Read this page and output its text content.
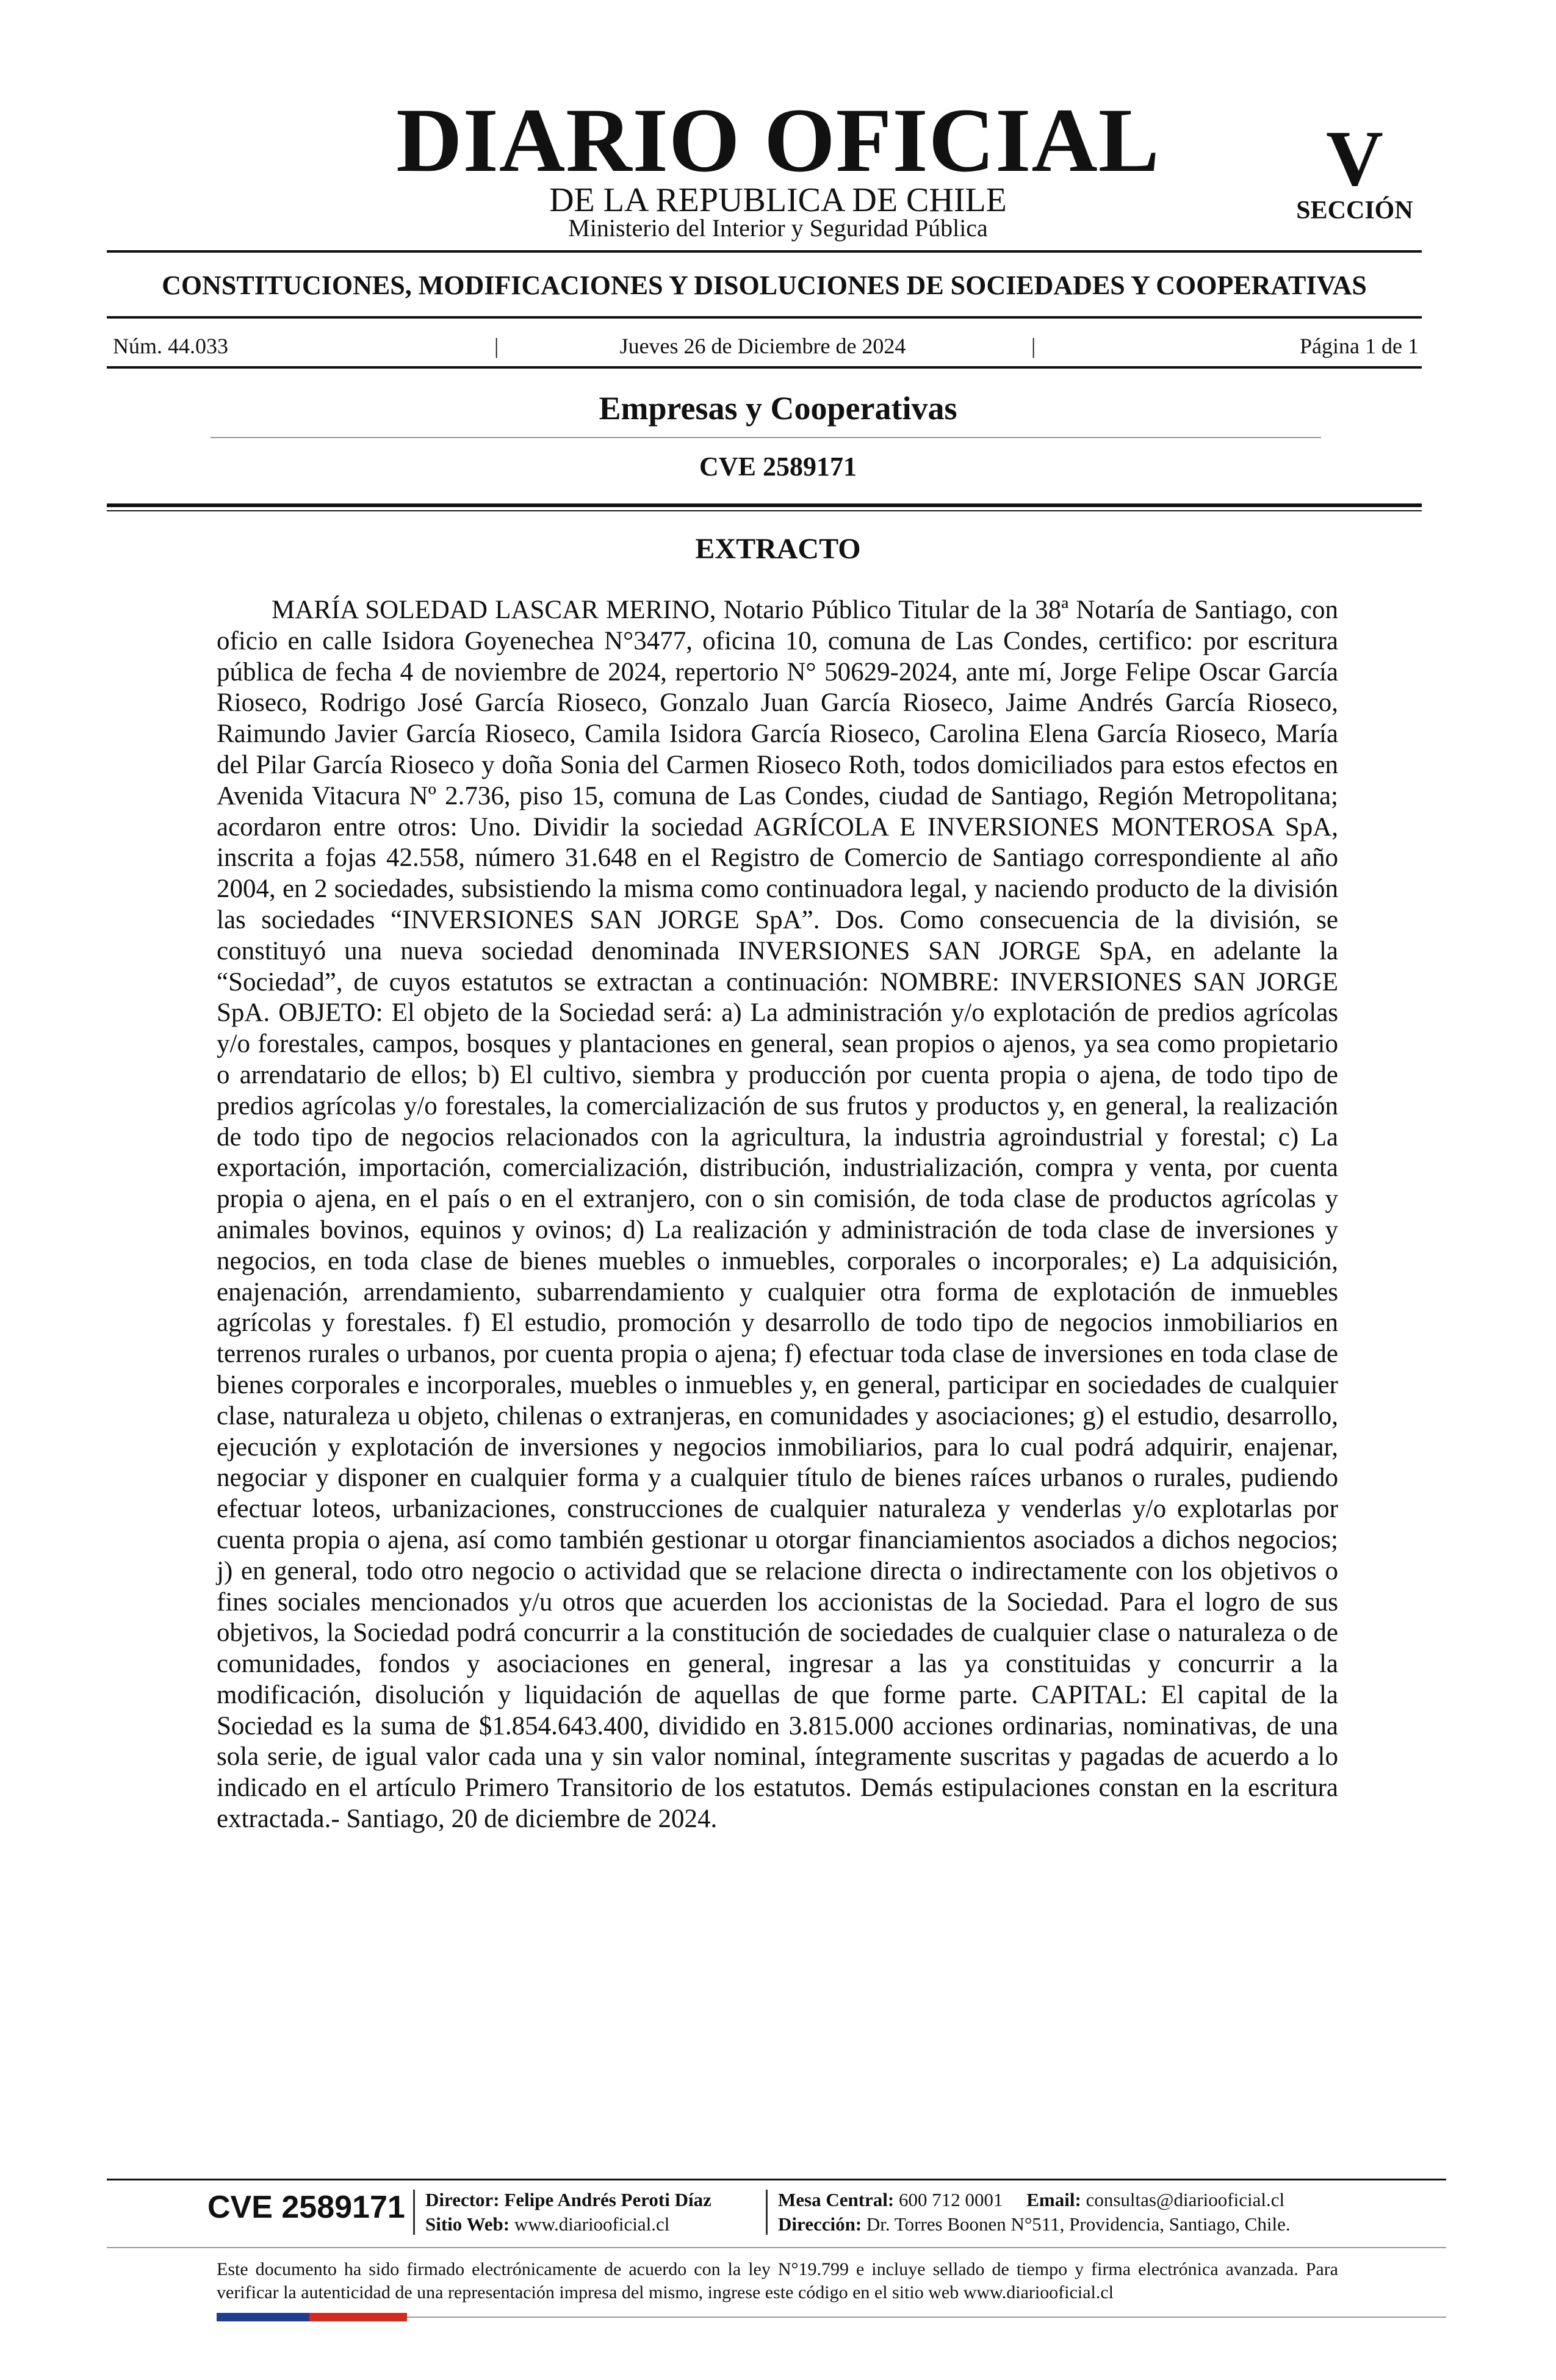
DIARIO OFICIAL
DE LA REPUBLICA DE CHILE
Ministerio del Interior y Seguridad Pública
V
SECCIÓN
CONSTITUCIONES, MODIFICACIONES Y DISOLUCIONES DE SOCIEDADES Y COOPERATIVAS
Núm. 44.033	|	Jueves 26 de Diciembre de 2024	|	Página 1 de 1
Empresas y Cooperativas
CVE 2589171
EXTRACTO

MARÍA SOLEDAD LASCAR MERINO, Notario Público Titular de la 38ª Notaría de Santiago, con oficio en calle Isidora Goyenechea N°3477, oficina 10, comuna de Las Condes, certifico: por escritura pública de fecha 4 de noviembre de 2024, repertorio N° 50629-2024, ante mí, Jorge Felipe Oscar García Rioseco, Rodrigo José García Rioseco, Gonzalo Juan García Rioseco, Jaime Andrés García Rioseco, Raimundo Javier García Rioseco, Camila Isidora García Rioseco, Carolina Elena García Rioseco, María del Pilar García Rioseco y doña Sonia del Carmen Rioseco Roth, todos domiciliados para estos efectos en Avenida Vitacura Nº 2.736, piso 15, comuna de Las Condes, ciudad de Santiago, Región Metropolitana; acordaron entre otros: Uno. Dividir la sociedad AGRÍCOLA E INVERSIONES MONTEROSA SpA, inscrita a fojas 42.558, número 31.648 en el Registro de Comercio de Santiago correspondiente al año 2004, en 2 sociedades, subsistiendo la misma como continuadora legal, y naciendo producto de la división las sociedades “INVERSIONES SAN JORGE SpA”. Dos. Como consecuencia de la división, se constituyó una nueva sociedad denominada INVERSIONES SAN JORGE SpA, en adelante la “Sociedad”, de cuyos estatutos se extractan a continuación: NOMBRE: INVERSIONES SAN JORGE SpA. OBJETO: El objeto de la Sociedad será: a) La administración y/o explotación de predios agrícolas y/o forestales, campos, bosques y plantaciones en general, sean propios o ajenos, ya sea como propietario o arrendatario de ellos; b) El cultivo, siembra y producción por cuenta propia o ajena, de todo tipo de predios agrícolas y/o forestales, la comercialización de sus frutos y productos y, en general, la realización de todo tipo de negocios relacionados con la agricultura, la industria agroindustrial y forestal; c) La exportación, importación, comercialización, distribución, industrialización, compra y venta, por cuenta propia o ajena, en el país o en el extranjero, con o sin comisión, de toda clase de productos agrícolas y animales bovinos, equinos y ovinos; d) La realización y administración de toda clase de inversiones y negocios, en toda clase de bienes muebles o inmuebles, corporales o incorporales; e) La adquisición, enajenación, arrendamiento, subarrendamiento y cualquier otra forma de explotación de inmuebles agrícolas y forestales. f) El estudio, promoción y desarrollo de todo tipo de negocios inmobiliarios en terrenos rurales o urbanos, por cuenta propia o ajena; f) efectuar toda clase de inversiones en toda clase de bienes corporales e incorporales, muebles o inmuebles y, en general, participar en sociedades de cualquier clase, naturaleza u objeto, chilenas o extranjeras, en comunidades y asociaciones; g) el estudio, desarrollo, ejecución y explotación de inversiones y negocios inmobiliarios, para lo cual podrá adquirir, enajenar, negociar y disponer en cualquier forma y a cualquier título de bienes raíces urbanos o rurales, pudiendo efectuar loteos, urbanizaciones, construcciones de cualquier naturaleza y venderlas y/o explotarlas por cuenta propia o ajena, así como también gestionar u otorgar financiamientos asociados a dichos negocios; j) en general, todo otro negocio o actividad que se relacione directa o indirectamente con los objetivos o fines sociales mencionados y/u otros que acuerden los accionistas de la Sociedad. Para el logro de sus objetivos, la Sociedad podrá concurrir a la constitución de sociedades de cualquier clase o naturaleza o de comunidades, fondos y asociaciones en general, ingresar a las ya constituidas y concurrir a la modificación, disolución y liquidación de aquellas de que forme parte. CAPITAL: El capital de la Sociedad es la suma de $1.854.643.400, dividido en 3.815.000 acciones ordinarias, nominativas, de una sola serie, de igual valor cada una y sin valor nominal, íntegramente suscritas y pagadas de acuerdo a lo indicado en el artículo Primero Transitorio de los estatutos. Demás estipulaciones constan en la escritura extractada.- Santiago, 20 de diciembre de 2024.

CVE 2589171 Director: Felipe Andrés Peroti Díaz
Sitio Web: www.diariooficial.cl
Mesa Central: 600 712 0001 Email: consultas@diariooficial.cl
Dirección: Dr. Torres Boonen N°511, Providencia, Santiago, Chile.

Este documento ha sido firmado electrónicamente de acuerdo con la ley N°19.799 e incluye sellado de tiempo y firma electrónica avanzada. Para verificar la autenticidad de una representación impresa del mismo, ingrese este código en el sitio web www.diariooficial.cl
